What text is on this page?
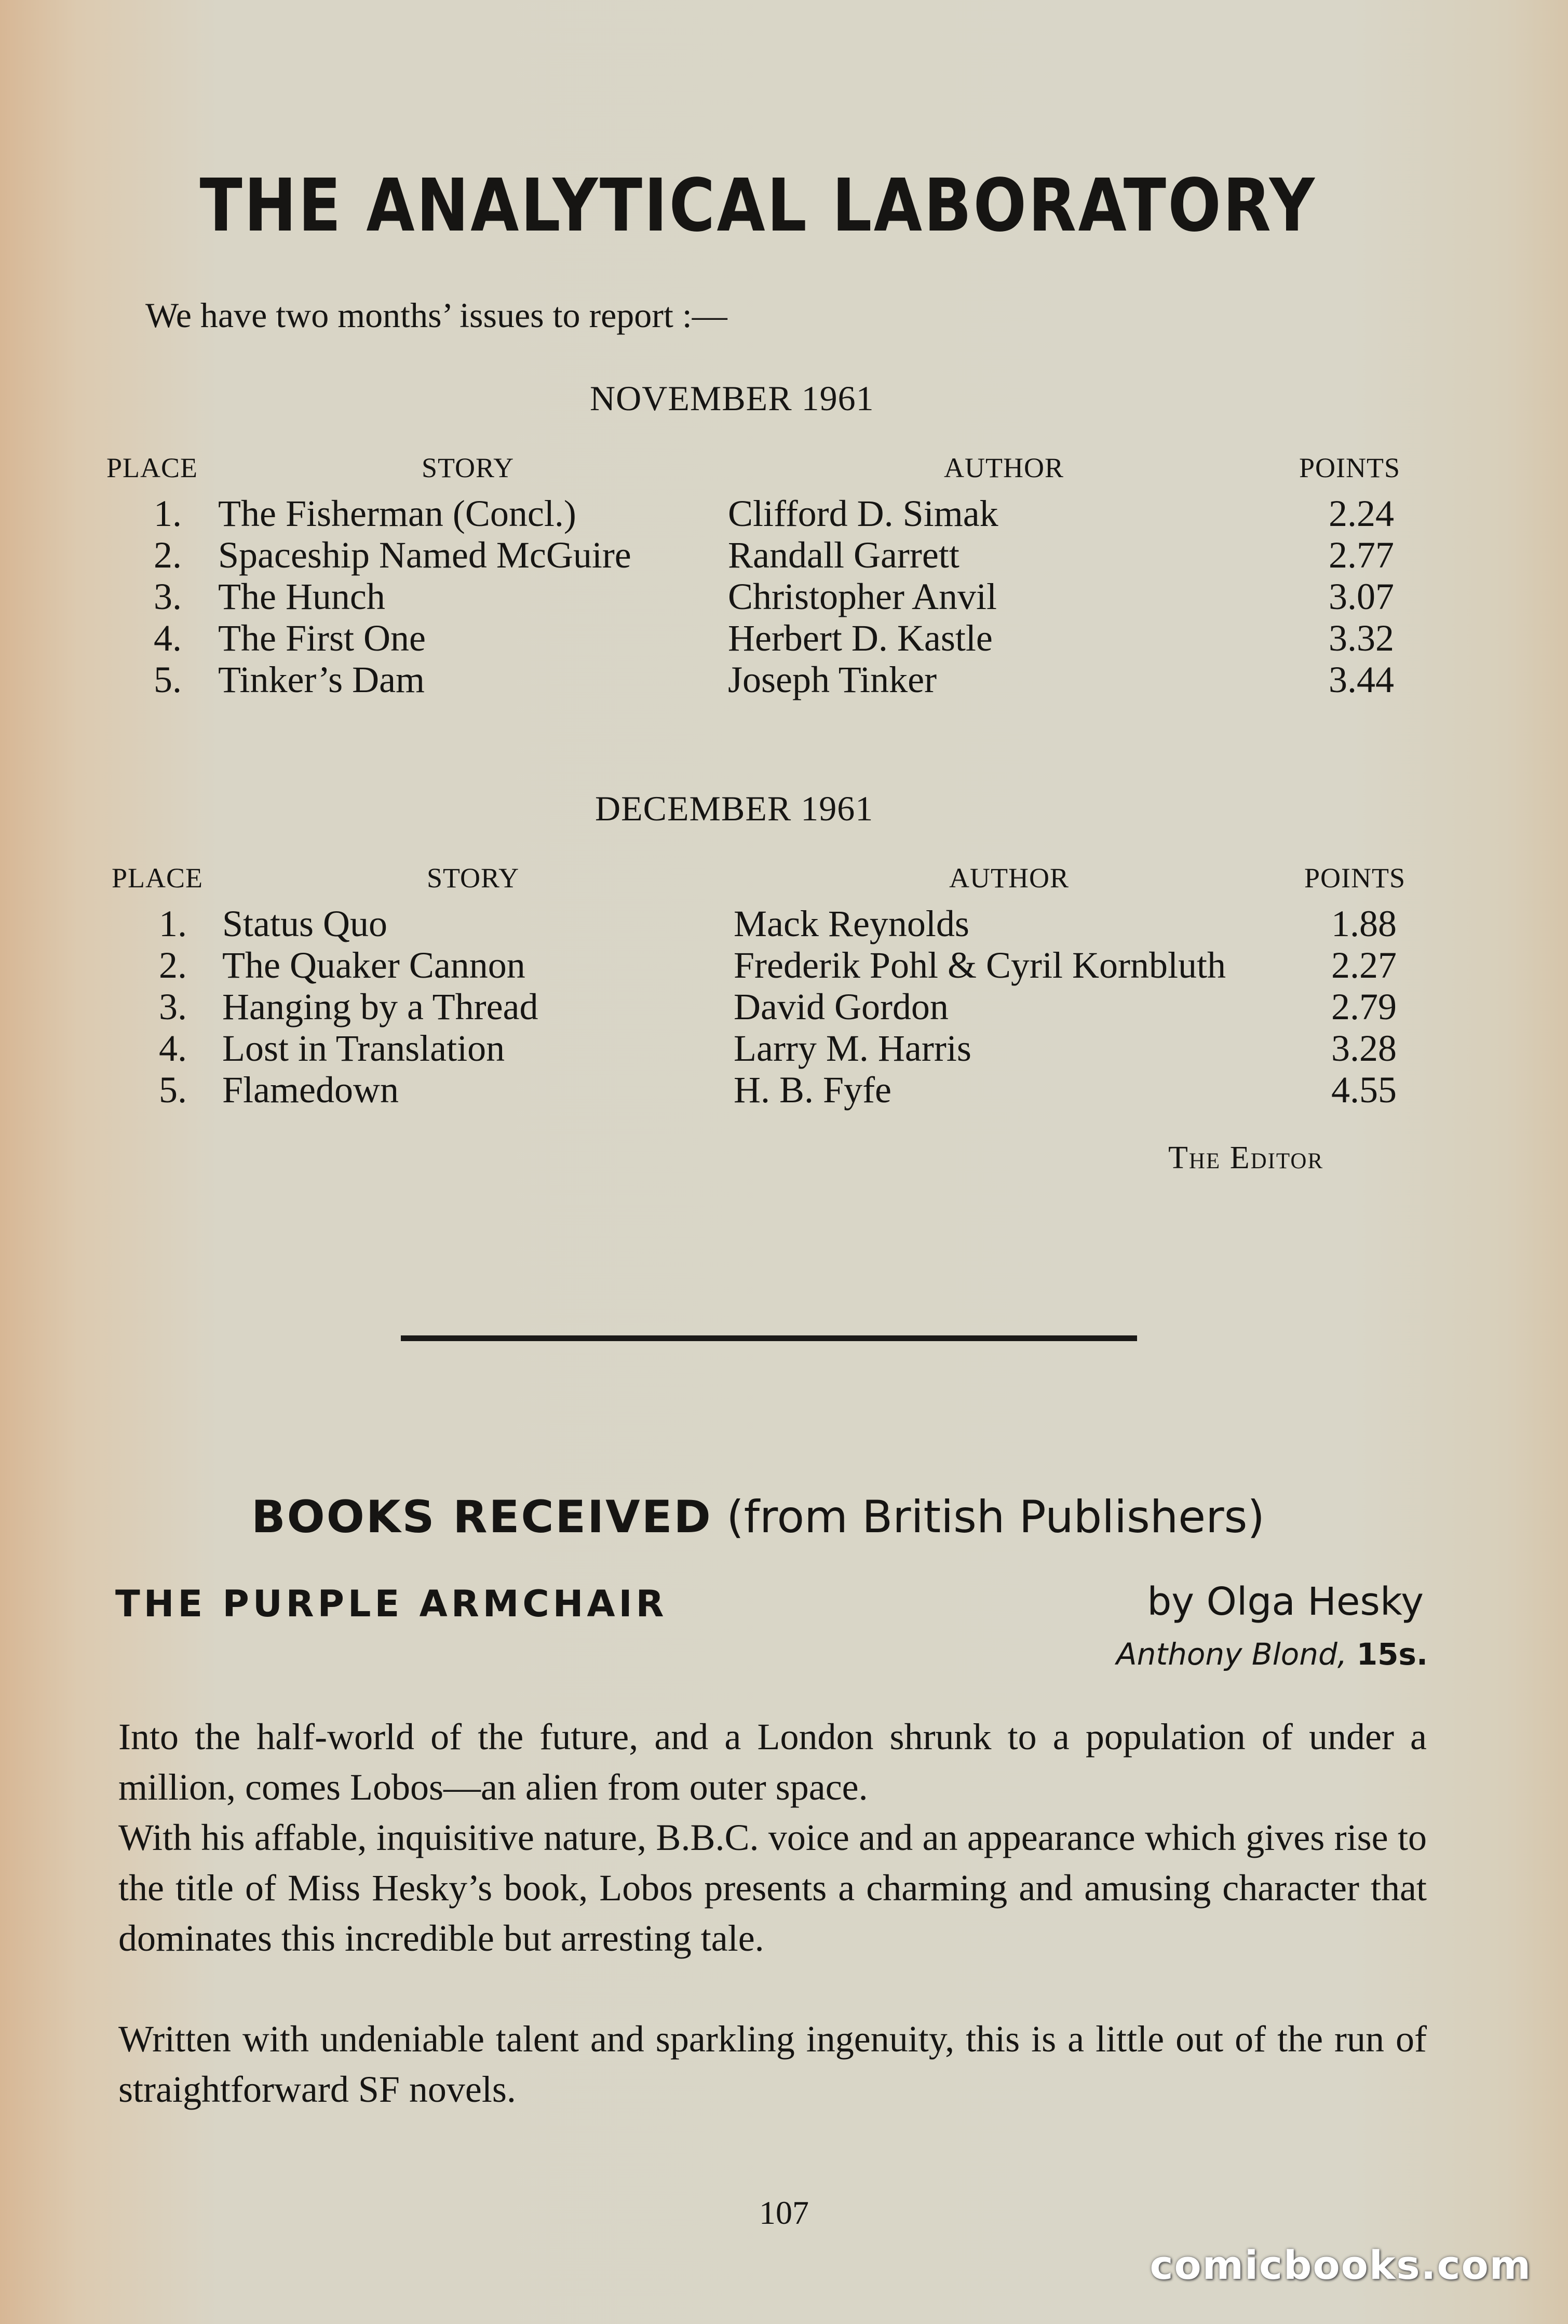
THE ANALYTICAL LABORATORY
We have two months’ issues to report :—
NOVEMBER 1961
PLACE	STORY	AUTHOR	POINTS
1. The Fisherman (Concl.)	Clifford D. Simak	2.24
2. Spaceship Named McGuire	Randall Garrett	2.77
3. The Hunch	Christopher Anvil	3.07
4. The First One	Herbert D. Kastle	3.32
5. Tinker’s Dam	Joseph Tinker	3.44
DECEMBER 1961
PLACE	STORY	AUTHOR	POINTS
1. Status Quo	Mack Reynolds	1.88
2. The Quaker Cannon	Frederik Pohl & Cyril Kornbluth	2.27
3. Hanging by a Thread	David Gordon	2.79
4. Lost in Translation	Larry M. Harris	3.28
5. Flamedown	H. B. Fyfe	4.55
The Editor
BOOKS RECEIVED (from British Publishers)
THE PURPLE ARMCHAIR	by Olga Hesky
Anthony Blond, 15s.
Into the half-world of the future, and a London shrunk to a population of under a million, comes Lobos—an alien from outer space.
With his affable, inquisitive nature, B.B.C. voice and an appearance which gives rise to the title of Miss Hesky’s book, Lobos presents a charming and amusing character that dominates this incredible but arresting tale.
Written with undeniable talent and sparkling ingenuity, this is a little out of the run of straightforward SF novels.
107
comicbooks.com
